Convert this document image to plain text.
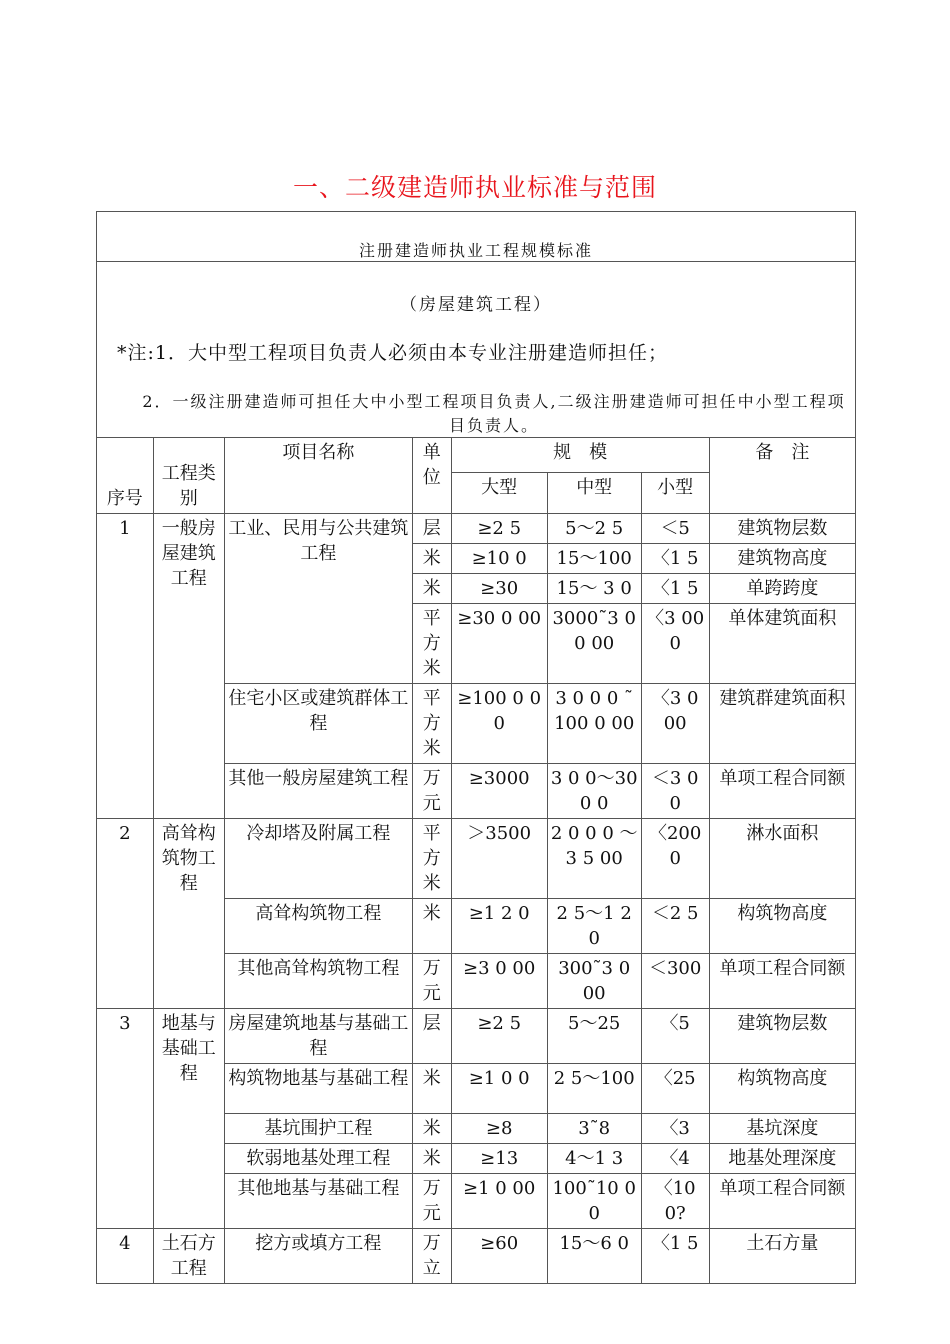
一、二级建造师执业标准与范围
注册建造师执业工程规模标准
（房屋建筑工程）
*注:1．大中型工程项目负责人必须由本专业注册建造师担任；
2．一级注册建造师可担任大中小型工程项目负责人,二级注册建造师可担任中小型工程项目负责人。
序号	工程类别	项目名称	单位	规　模			备　注
				大型	中型	小型	
1	一般房屋建筑工程	工业、民用与公共建筑工程	层	≥2 5	5～2 5	＜5	建筑物层数
			米	≥10 0	15～100	〈1 5	建筑物高度
			米	≥30	15～ 3 0	〈1 5	单跨跨度
			平方米	≥30 0 00	3000˜3 0 0 00	〈3 000	单体建筑面积
		住宅小区或建筑群体工程	平方米	≥100 0 0 0	3 0 0 0 ˜100 0 00	〈3 0 00	建筑群建筑面积
		其他一般房屋建筑工程	万元	≥3000	3 0 0～30 0 0	＜3 0 0	单项工程合同额
2	高耸构筑物工程	冷却塔及附属工程	平方米	＞3500	2 0 0 0 ～3 5 00	〈200 0	淋水面积
		高耸构筑物工程	米	≥1 2 0	2 5～1 2 0	＜2 5	构筑物高度
		其他高耸构筑物工程	万元	≥3 0 00	300˜3 0 00	＜300	单项工程合同额
3	地基与基础工程	房屋建筑地基与基础工程	层	≥2 5	5～25	〈5	建筑物层数
		构筑物地基与基础工程	米	≥1 0 0	2 5～100	〈25	构筑物高度
		基坑围护工程	米	≥8	3˜8	〈3	基坑深度
		软弱地基处理工程	米	≥13	4～1 3	〈4	地基处理深度
		其他地基与基础工程	万元	≥1 0 00	100˜10 0 0	〈100?	单项工程合同额
4	土石方工程	挖方或填方工程	万立	≥60	15～6 0	〈1 5	土石方量
